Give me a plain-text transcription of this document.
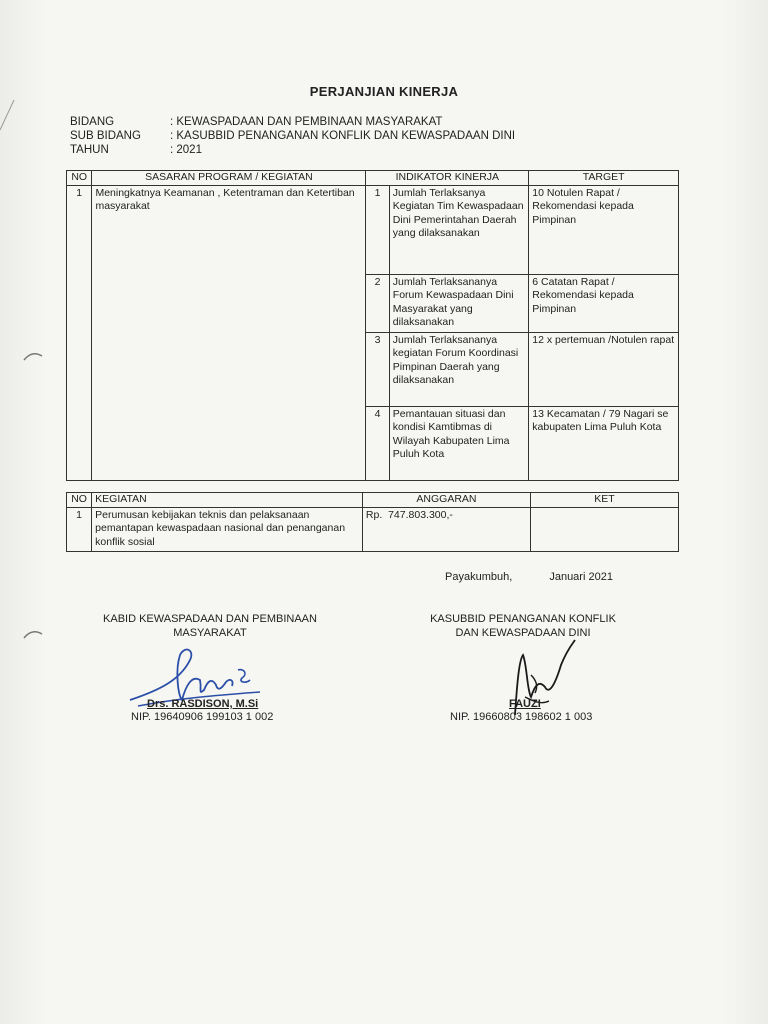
PERJANJIAN KINERJA
BIDANG	: KEWASPADAAN DAN PEMBINAAN MASYARAKAT
SUB BIDANG	: KASUBBID PENANGANAN KONFLIK DAN KEWASPADAAN DINI
TAHUN	: 2021
NO	SASARAN PROGRAM / KEGIATAN	INDIKATOR KINERJA		TARGET
1	Meningkatnya Keamanan , Ketentraman dan Ketertiban masyarakat	1	Jumlah Terlaksanya Kegiatan Tim Kewaspadaan Dini Pemerintahan Daerah yang dilaksanakan	10 Notulen Rapat / Rekomendasi kepada Pimpinan
		2	Jumlah Terlaksananya Forum Kewaspadaan Dini Masyarakat yang dilaksanakan	6 Catatan Rapat / Rekomendasi kepada Pimpinan
		3	Jumlah Terlaksananya kegiatan Forum Koordinasi Pimpinan Daerah yang dilaksanakan	12 x pertemuan /Notulen rapat
		4	Pemantauan situasi dan kondisi Kamtibmas di Wilayah Kabupaten Lima Puluh Kota	13 Kecamatan / 79 Nagari se kabupaten Lima Puluh Kota
NO	KEGIATAN	ANGGARAN	KET
1	Perumusan kebijakan teknis dan pelaksanaan pemantapan kewaspadaan nasional dan penanganan konflik sosial	Rp.  747.803.300,-	
Payakumbuh,	Januari 2021
KABID KEWASPADAAN DAN PEMBINAAN
MASYARAKAT
KASUBBID PENANGANAN KONFLIK
DAN KEWASPADAAN DINI
Drs. RASDISON, M.Si
NIP. 19640906 199103 1 002
FAUZI
NIP. 19660803 198602 1 003
